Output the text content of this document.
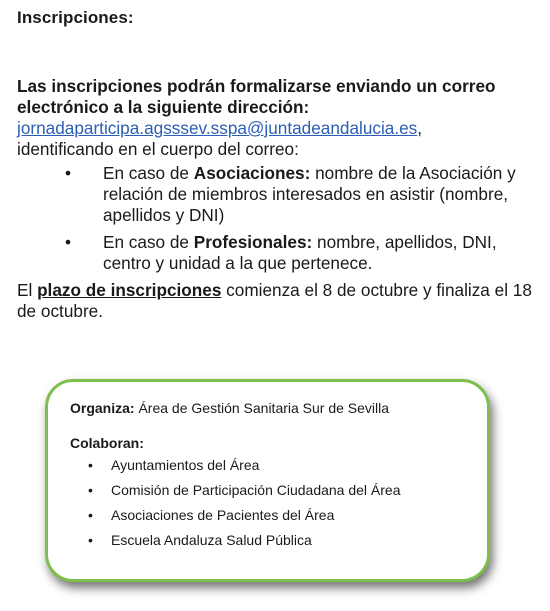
Inscripciones:

Las inscripciones podrán formalizarse enviando un correo electrónico a la siguiente dirección:
jornadaparticipa.agsssev.sspa@juntadeandalucia.es,
identificando en el cuerpo del correo:

• En caso de Asociaciones: nombre de la Asociación y relación de miembros interesados en asistir (nombre, apellidos y DNI)
• En caso de Profesionales: nombre, apellidos, DNI, centro y unidad a la que pertenece.

El plazo de inscripciones comienza el 8 de octubre y finaliza el 18 de octubre.

Organiza: Área de Gestión Sanitaria Sur de Sevilla
Colaboran:
• Ayuntamientos del Área
• Comisión de Participación Ciudadana del Área
• Asociaciones de Pacientes del Área
• Escuela Andaluza Salud Pública
